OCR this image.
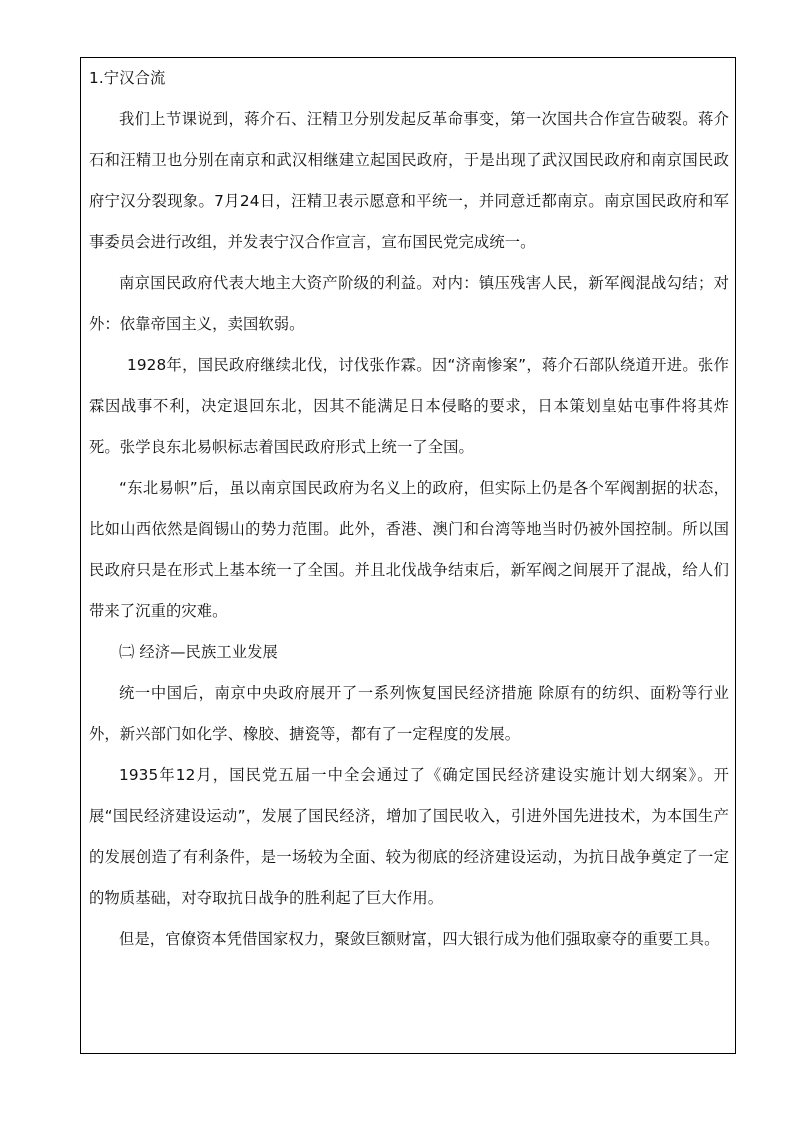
1.宁汉合流

我们上节课说到，蒋介石、汪精卫分别发起反革命事变，第一次国共合作宣告破裂。蒋介石和汪精卫也分别在南京和武汉相继建立起国民政府，于是出现了武汉国民政府和南京国民政府宁汉分裂现象。7月24日，汪精卫表示愿意和平统一，并同意迁都南京。南京国民政府和军事委员会进行改组，并发表宁汉合作宣言，宣布国民党完成统一。

南京国民政府代表大地主大资产阶级的利益。对内：镇压残害人民，新军阀混战勾结；对外：依靠帝国主义，卖国软弱。

1928年，国民政府继续北伐，讨伐张作霖。因“济南惨案”，蒋介石部队绕道开进。张作霖因战事不利，决定退回东北，因其不能满足日本侵略的要求，日本策划皇姑屯事件将其炸死。张学良东北易帜标志着国民政府形式上统一了全国。

“东北易帜”后，虽以南京国民政府为名义上的政府，但实际上仍是各个军阀割据的状态，比如山西依然是阎锡山的势力范围。此外，香港、澳门和台湾等地当时仍被外国控制。所以国民政府只是在形式上基本统一了全国。并且北伐战争结束后，新军阀之间展开了混战，给人们带来了沉重的灾难。

㈡ 经济—民族工业发展

统一中国后，南京中央政府展开了一系列恢复国民经济措施 除原有的纺织、面粉等行业外，新兴部门如化学、橡胶、搪瓷等，都有了一定程度的发展。

1935年12月，国民党五届一中全会通过了《确定国民经济建设实施计划大纲案》。开展“国民经济建设运动”，发展了国民经济，增加了国民收入，引进外国先进技术，为本国生产的发展创造了有利条件，是一场较为全面、较为彻底的经济建设运动，为抗日战争奠定了一定的物质基础，对夺取抗日战争的胜利起了巨大作用。

但是，官僚资本凭借国家权力，聚敛巨额财富，四大银行成为他们强取豪夺的重要工具。
